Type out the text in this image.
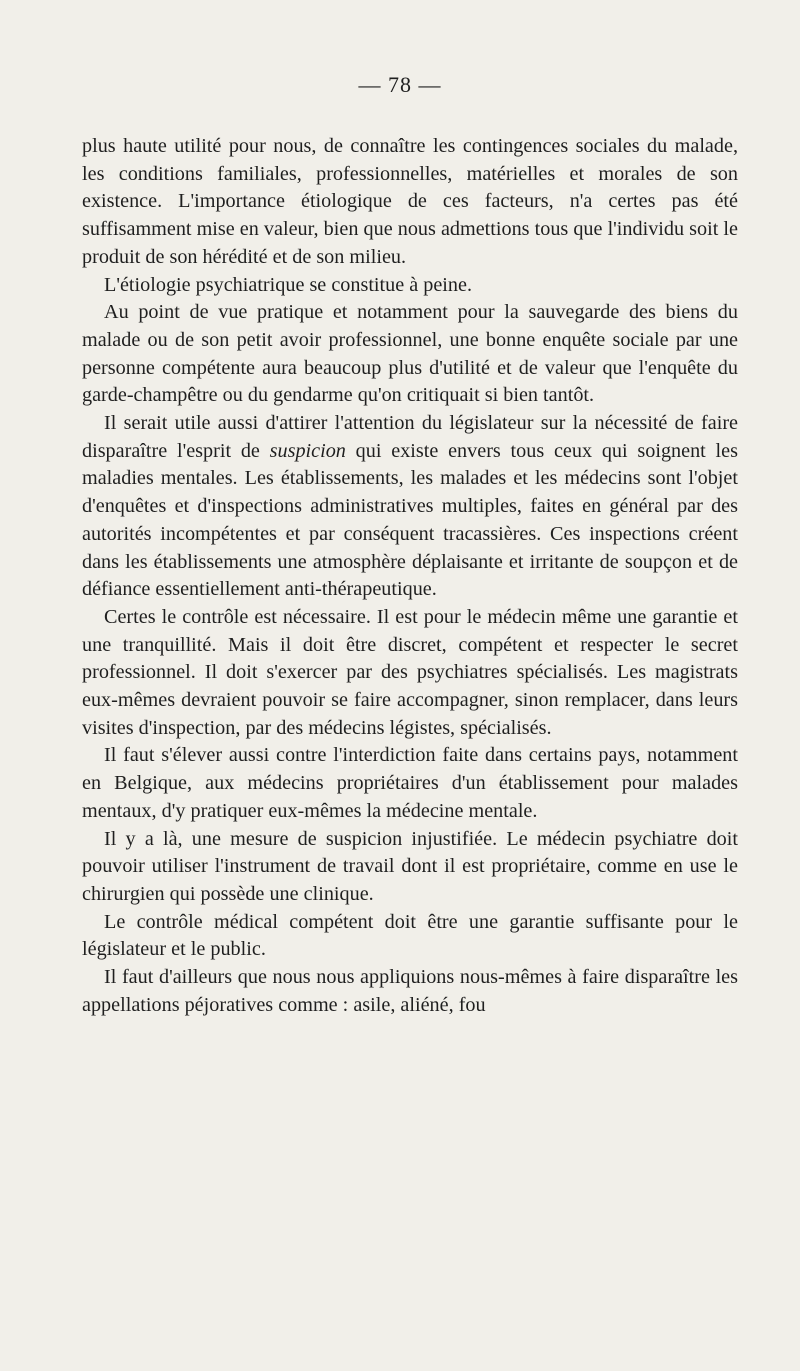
— 78 —

plus haute utilité pour nous, de connaître les contingences sociales du malade, les conditions familiales, professionnelles, matérielles et morales de son existence. L'importance étiologique de ces facteurs, n'a certes pas été suffisamment mise en valeur, bien que nous admettions tous que l'individu soit le produit de son hérédité et de son milieu.

L'étiologie psychiatrique se constitue à peine.

Au point de vue pratique et notamment pour la sauvegarde des biens du malade ou de son petit avoir professionnel, une bonne enquête sociale par une personne compétente aura beaucoup plus d'utilité et de valeur que l'enquête du garde-champêtre ou du gendarme qu'on critiquait si bien tantôt.

Il serait utile aussi d'attirer l'attention du législateur sur la nécessité de faire disparaître l'esprit de suspicion qui existe envers tous ceux qui soignent les maladies mentales. Les établissements, les malades et les médecins sont l'objet d'enquêtes et d'inspections administratives multiples, faites en général par des autorités incompétentes et par conséquent tracassières. Ces inspections créent dans les établissements une atmosphère déplaisante et irritante de soupçon et de défiance essentiellement anti-thérapeutique.

Certes le contrôle est nécessaire. Il est pour le médecin même une garantie et une tranquillité. Mais il doit être discret, compétent et respecter le secret professionnel. Il doit s'exercer par des psychiatres spécialisés. Les magistrats eux-mêmes devraient pouvoir se faire accompagner, sinon remplacer, dans leurs visites d'inspection, par des médecins légistes, spécialisés.

Il faut s'élever aussi contre l'interdiction faite dans certains pays, notamment en Belgique, aux médecins propriétaires d'un établissement pour malades mentaux, d'y pratiquer eux-mêmes la médecine mentale.

Il y a là, une mesure de suspicion injustifiée. Le médecin psychiatre doit pouvoir utiliser l'instrument de travail dont il est propriétaire, comme en use le chirurgien qui possède une clinique.

Le contrôle médical compétent doit être une garantie suffisante pour le législateur et le public.

Il faut d'ailleurs que nous nous appliquions nous-mêmes à faire disparaître les appellations péjoratives comme : asile, aliéné, fou
